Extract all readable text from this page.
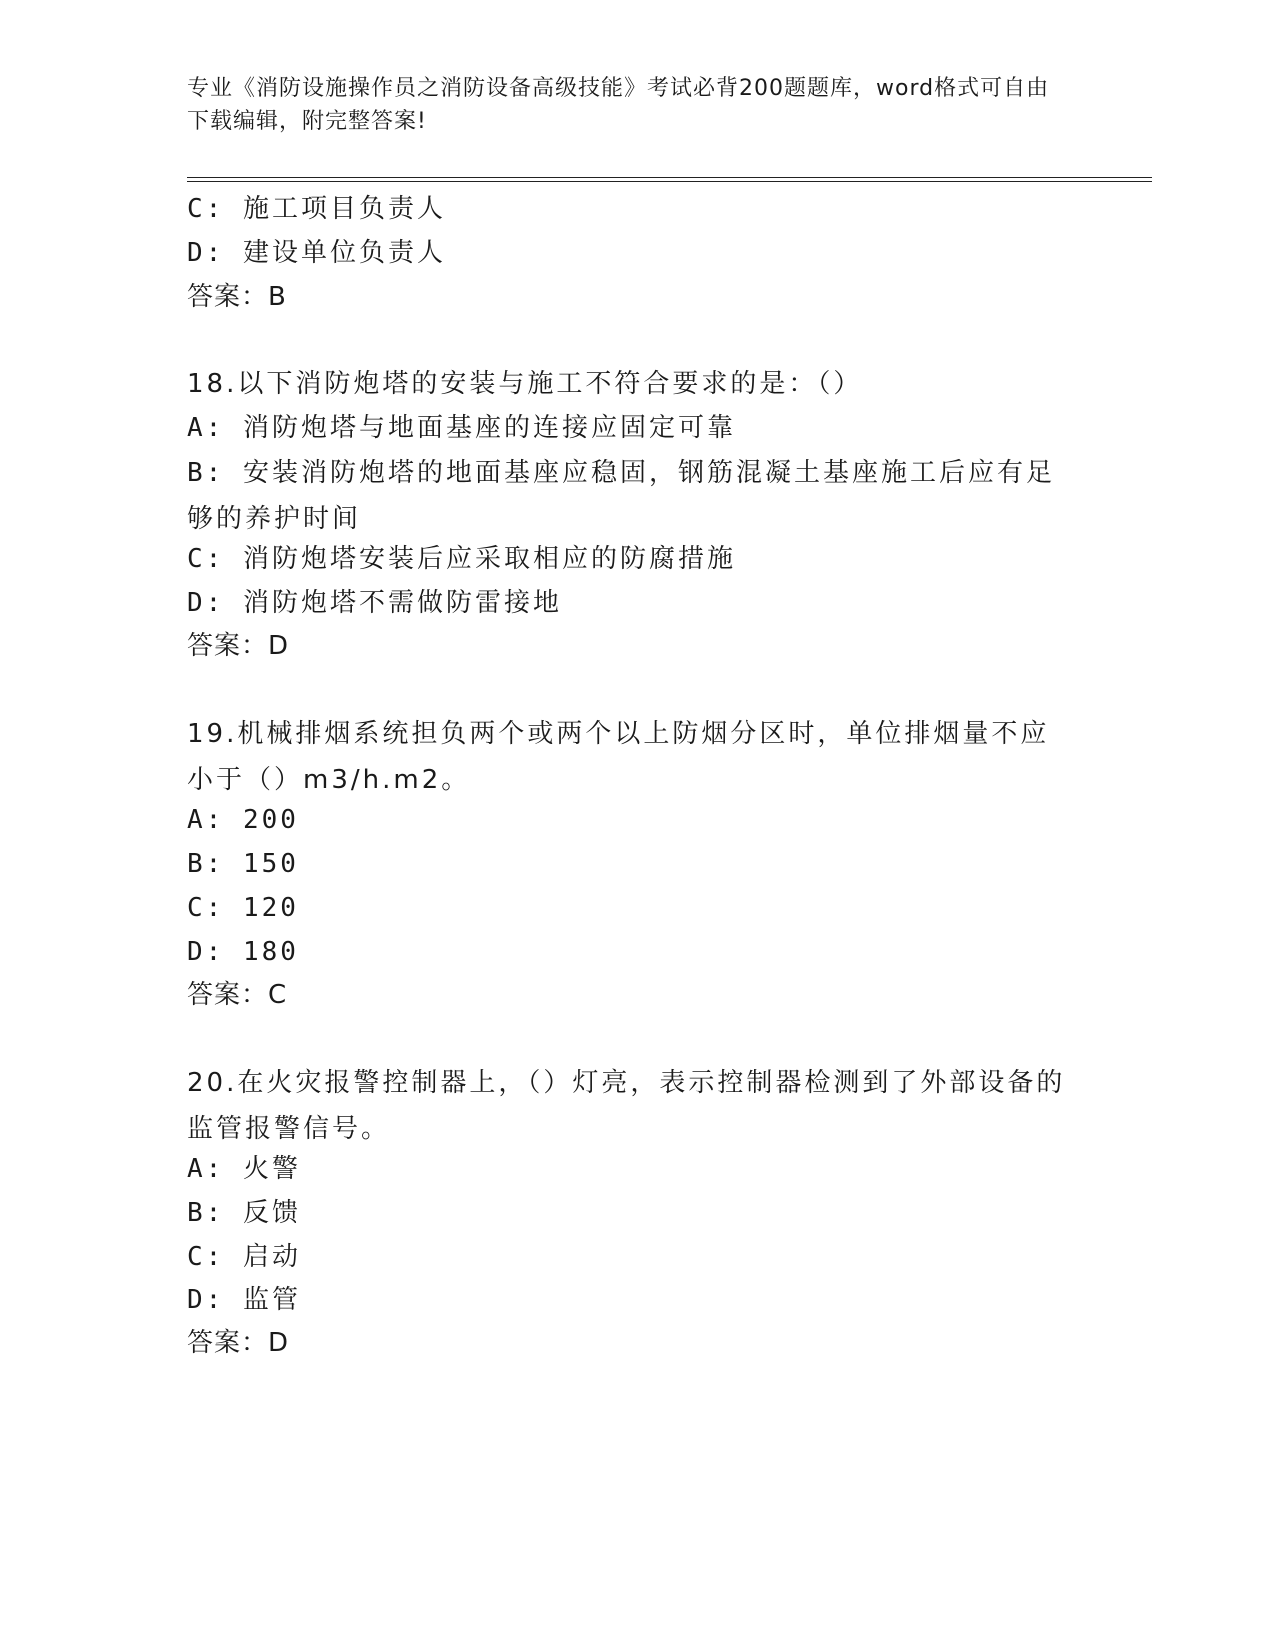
专业《消防设施操作员之消防设备高级技能》考试必背200题题库，word格式可自由下载编辑，附完整答案!
C: 施工项目负责人
D: 建设单位负责人
答案：B
18.以下消防炮塔的安装与施工不符合要求的是：（）
A: 消防炮塔与地面基座的连接应固定可靠
B: 安装消防炮塔的地面基座应稳固，钢筋混凝土基座施工后应有足够的养护时间
C: 消防炮塔安装后应采取相应的防腐措施
D: 消防炮塔不需做防雷接地
答案：D
19.机械排烟系统担负两个或两个以上防烟分区时，单位排烟量不应小于（）m3/h.m2。
A: 200
B: 150
C: 120
D: 180
答案：C
20.在火灾报警控制器上，（）灯亮，表示控制器检测到了外部设备的监管报警信号。
A: 火警
B: 反馈
C: 启动
D: 监管
答案：D
